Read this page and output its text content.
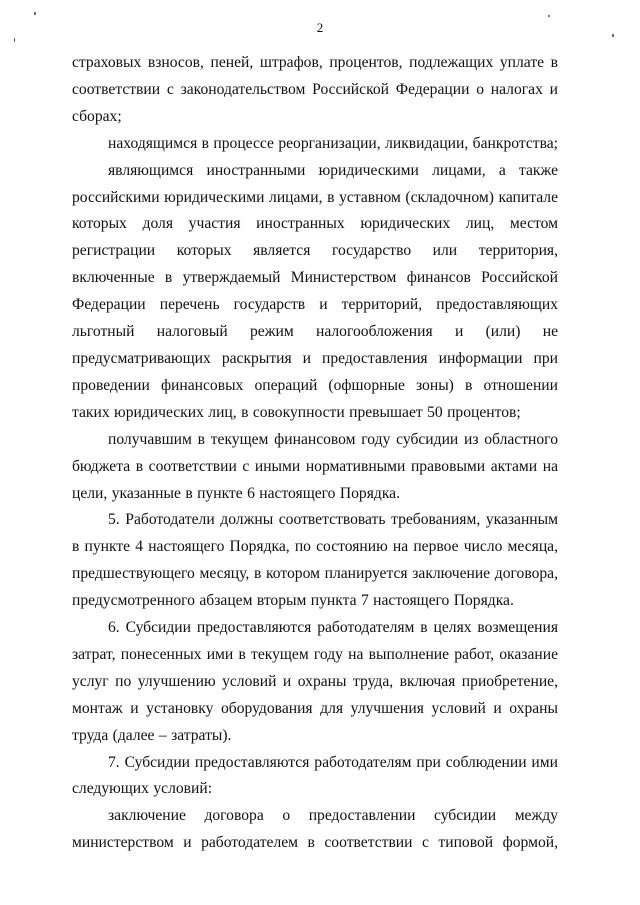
2

страховых взносов, пеней, штрафов, процентов, подлежащих уплате в соответствии с законодательством Российской Федерации о налогах и сборах;

находящимся в процессе реорганизации, ликвидации, банкротства;

являющимся иностранными юридическими лицами, а также российскими юридическими лицами, в уставном (складочном) капитале которых доля участия иностранных юридических лиц, местом регистрации которых является государство или территория, включенные в утверждаемый Министерством финансов Российской Федерации перечень государств и территорий, предоставляющих льготный налоговый режим налогообложения и (или) не предусматривающих раскрытия и предоставления информации при проведении финансовых операций (офшорные зоны) в отношении таких юридических лиц, в совокупности превышает 50 процентов;

получавшим в текущем финансовом году субсидии из областного бюджета в соответствии с иными нормативными правовыми актами на цели, указанные в пункте 6 настоящего Порядка.

5. Работодатели должны соответствовать требованиям, указанным в пункте 4 настоящего Порядка, по состоянию на первое число месяца, предшествующего месяцу, в котором планируется заключение договора, предусмотренного абзацем вторым пункта 7 настоящего Порядка.

6. Субсидии предоставляются работодателям в целях возмещения затрат, понесенных ими в текущем году на выполнение работ, оказание услуг по улучшению условий и охраны труда, включая приобретение, монтаж и установку оборудования для улучшения условий и охраны труда (далее – затраты).

7. Субсидии предоставляются работодателям при соблюдении ими следующих условий:

заключение договора о предоставлении субсидии между министерством и работодателем в соответствии с типовой формой,
